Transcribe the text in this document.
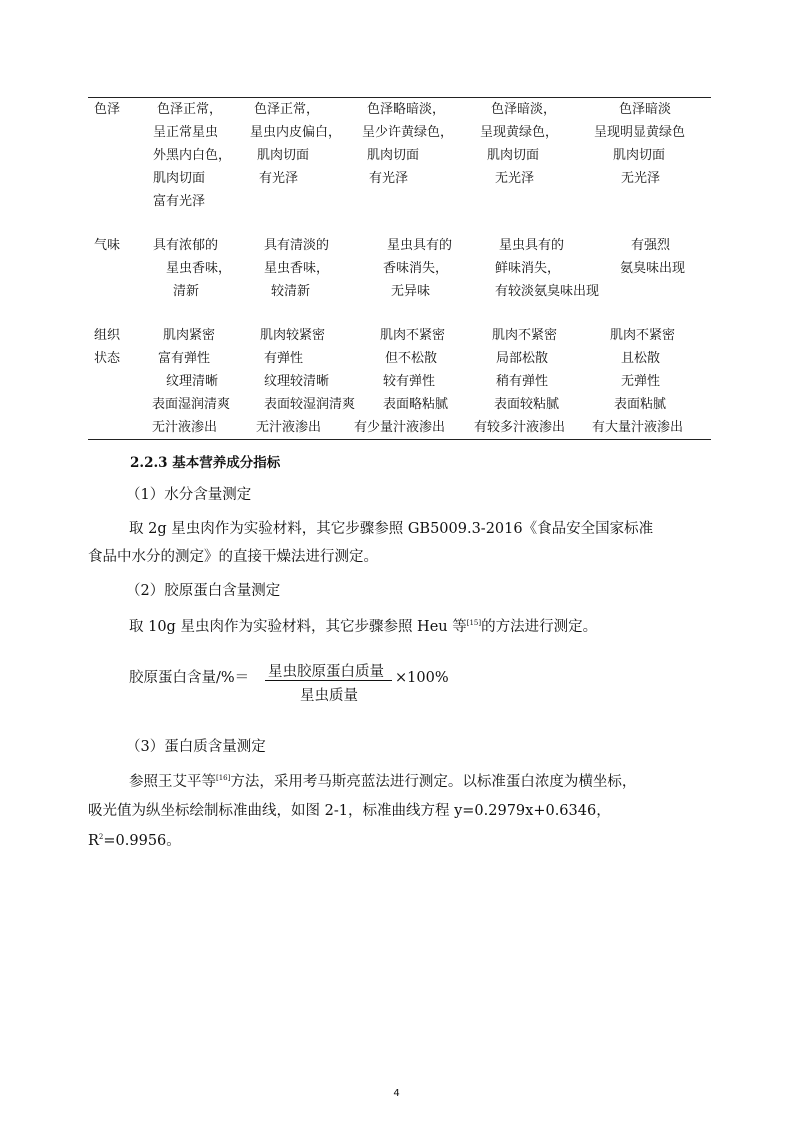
色泽	色泽正常，
呈正常星虫
外黑内白色，
肌肉切面
富有光泽
色泽正常，
星虫内皮偏白，
肌肉切面
有光泽
色泽略暗淡，
呈少许黄绿色，
肌肉切面
有光泽
色泽暗淡，
呈现黄绿色，
肌肉切面
无光泽
色泽暗淡
呈现明显黄绿色
肌肉切面
无光泽
气味	具有浓郁的
星虫香味，
清新
具有清淡的
星虫香味，
较清新
星虫具有的
香味消失，
无异味
星虫具有的
鲜味消失，
有较淡氨臭味出现
有强烈
氨臭味出现
组织
状态
肌肉紧密
富有弹性
纹理清晰
表面湿润清爽
无汁液渗出
肌肉较紧密
有弹性
纹理较清晰
表面较湿润清爽
无汁液渗出
肌肉不紧密
但不松散
较有弹性
表面略粘腻
有少量汁液渗出
肌肉不紧密
局部松散
稍有弹性
表面较粘腻
有较多汁液渗出
肌肉不紧密
且松散
无弹性
表面粘腻
有大量汁液渗出
2.2.3 基本营养成分指标
（1）水分含量测定
取 2g 星虫肉作为实验材料，其它步骤参照 GB5009.3-2016《食品安全国家标准
食品中水分的测定》的直接干燥法进行测定。
（2）胶原蛋白含量测定
取 10g 星虫肉作为实验材料，其它步骤参照 Heu 等[15]的方法进行测定。
胶原蛋白含量/%＝ 星虫胶原蛋白质量
星虫质量
×100%
（3）蛋白质含量测定
参照王艾平等[16]方法，采用考马斯亮蓝法进行测定。以标准蛋白浓度为横坐标，
吸光值为纵坐标绘制标准曲线，如图 2-1，标准曲线方程 y=0.2979x+0.6346，
$R^2=0.9956$。
4
